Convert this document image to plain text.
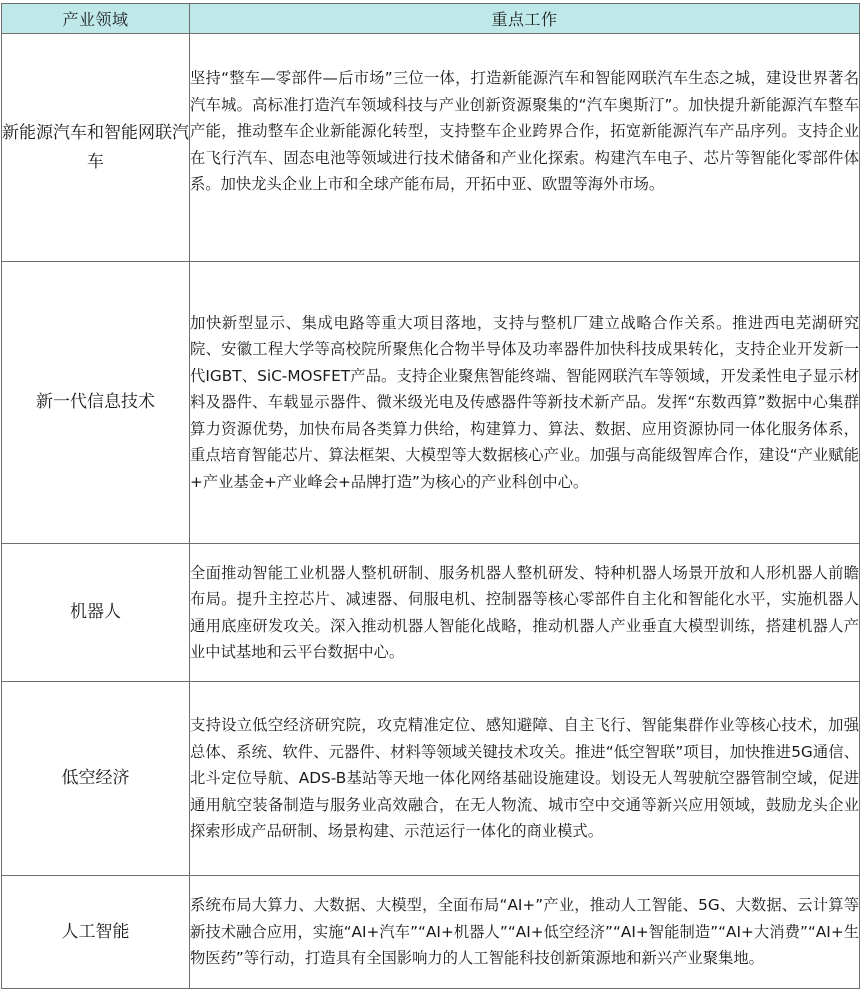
产业领域	重点工作
新能源汽车和智能网联汽车	坚持“整车—零部件—后市场”三位一体，打造新能源汽车和智能网联汽车生态之城，建设世界著名汽车城。高标准打造汽车领域科技与产业创新资源聚集的“汽车奥斯汀”。加快提升新能源汽车整车产能，推动整车企业新能源化转型，支持整车企业跨界合作，拓宽新能源汽车产品序列。支持企业在飞行汽车、固态电池等领域进行技术储备和产业化探索。构建汽车电子、芯片等智能化零部件体系。加快龙头企业上市和全球产能布局，开拓中亚、欧盟等海外市场。

新一代信息技术	加快新型显示、集成电路等重大项目落地，支持与整机厂建立战略合作关系。推进西电芜湖研究院、安徽工程大学等高校院所聚焦化合物半导体及功率器件加快科技成果转化，支持企业开发新一代IGBT、SiC-MOSFET产品。支持企业聚焦智能终端、智能网联汽车等领域，开发柔性电子显示材料及器件、车载显示器件、微米级光电及传感器件等新技术新产品。发挥“东数西算”数据中心集群算力资源优势，加快布局各类算力供给，构建算力、算法、数据、应用资源协同一体化服务体系，重点培育智能芯片、算法框架、大模型等大数据核心产业。加强与高能级智库合作，建设“产业赋能+产业基金+产业峰会+品牌打造”为核心的产业科创中心。

机器人	全面推动智能工业机器人整机研制、服务机器人整机研发、特种机器人场景开放和人形机器人前瞻布局。提升主控芯片、减速器、伺服电机、控制器等核心零部件自主化和智能化水平，实施机器人通用底座研发攻关。深入推动机器人智能化战略，推动机器人产业垂直大模型训练，搭建机器人产业中试基地和云平台数据中心。

低空经济	支持设立低空经济研究院，攻克精准定位、感知避障、自主飞行、智能集群作业等核心技术，加强总体、系统、软件、元器件、材料等领域关键技术攻关。推进“低空智联”项目，加快推进5G通信、北斗定位导航、ADS-B基站等天地一体化网络基础设施建设。划设无人驾驶航空器管制空域，促进通用航空装备制造与服务业高效融合，在无人物流、城市空中交通等新兴应用领域，鼓励龙头企业探索形成产品研制、场景构建、示范运行一体化的商业模式。

人工智能	系统布局大算力、大数据、大模型，全面布局“AI+”产业，推动人工智能、5G、大数据、云计算等新技术融合应用，实施“AI+汽车”“AI+机器人”“AI+低空经济”“AI+智能制造”“AI+大消费”“AI+生物医药”等行动，打造具有全国影响力的人工智能科技创新策源地和新兴产业聚集地。
